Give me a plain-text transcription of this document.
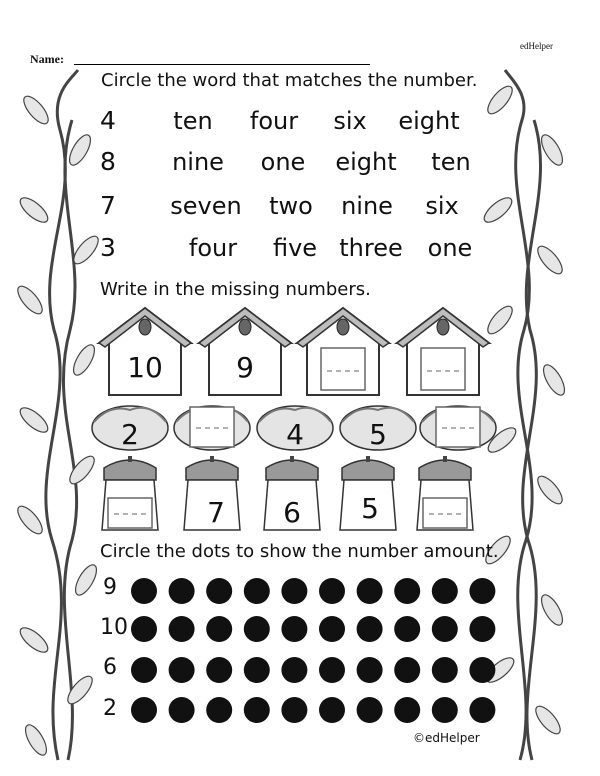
edHelper
Name:
Circle the word that matches the number.
4 ten four six eight
8 nine one eight ten
7 seven two nine six
3	four five three one
Write in the missing numbers.
10	9
2	4 5
7 6 5
Circle the dots to show the number amount.
9
10
6
2
©edHelper
